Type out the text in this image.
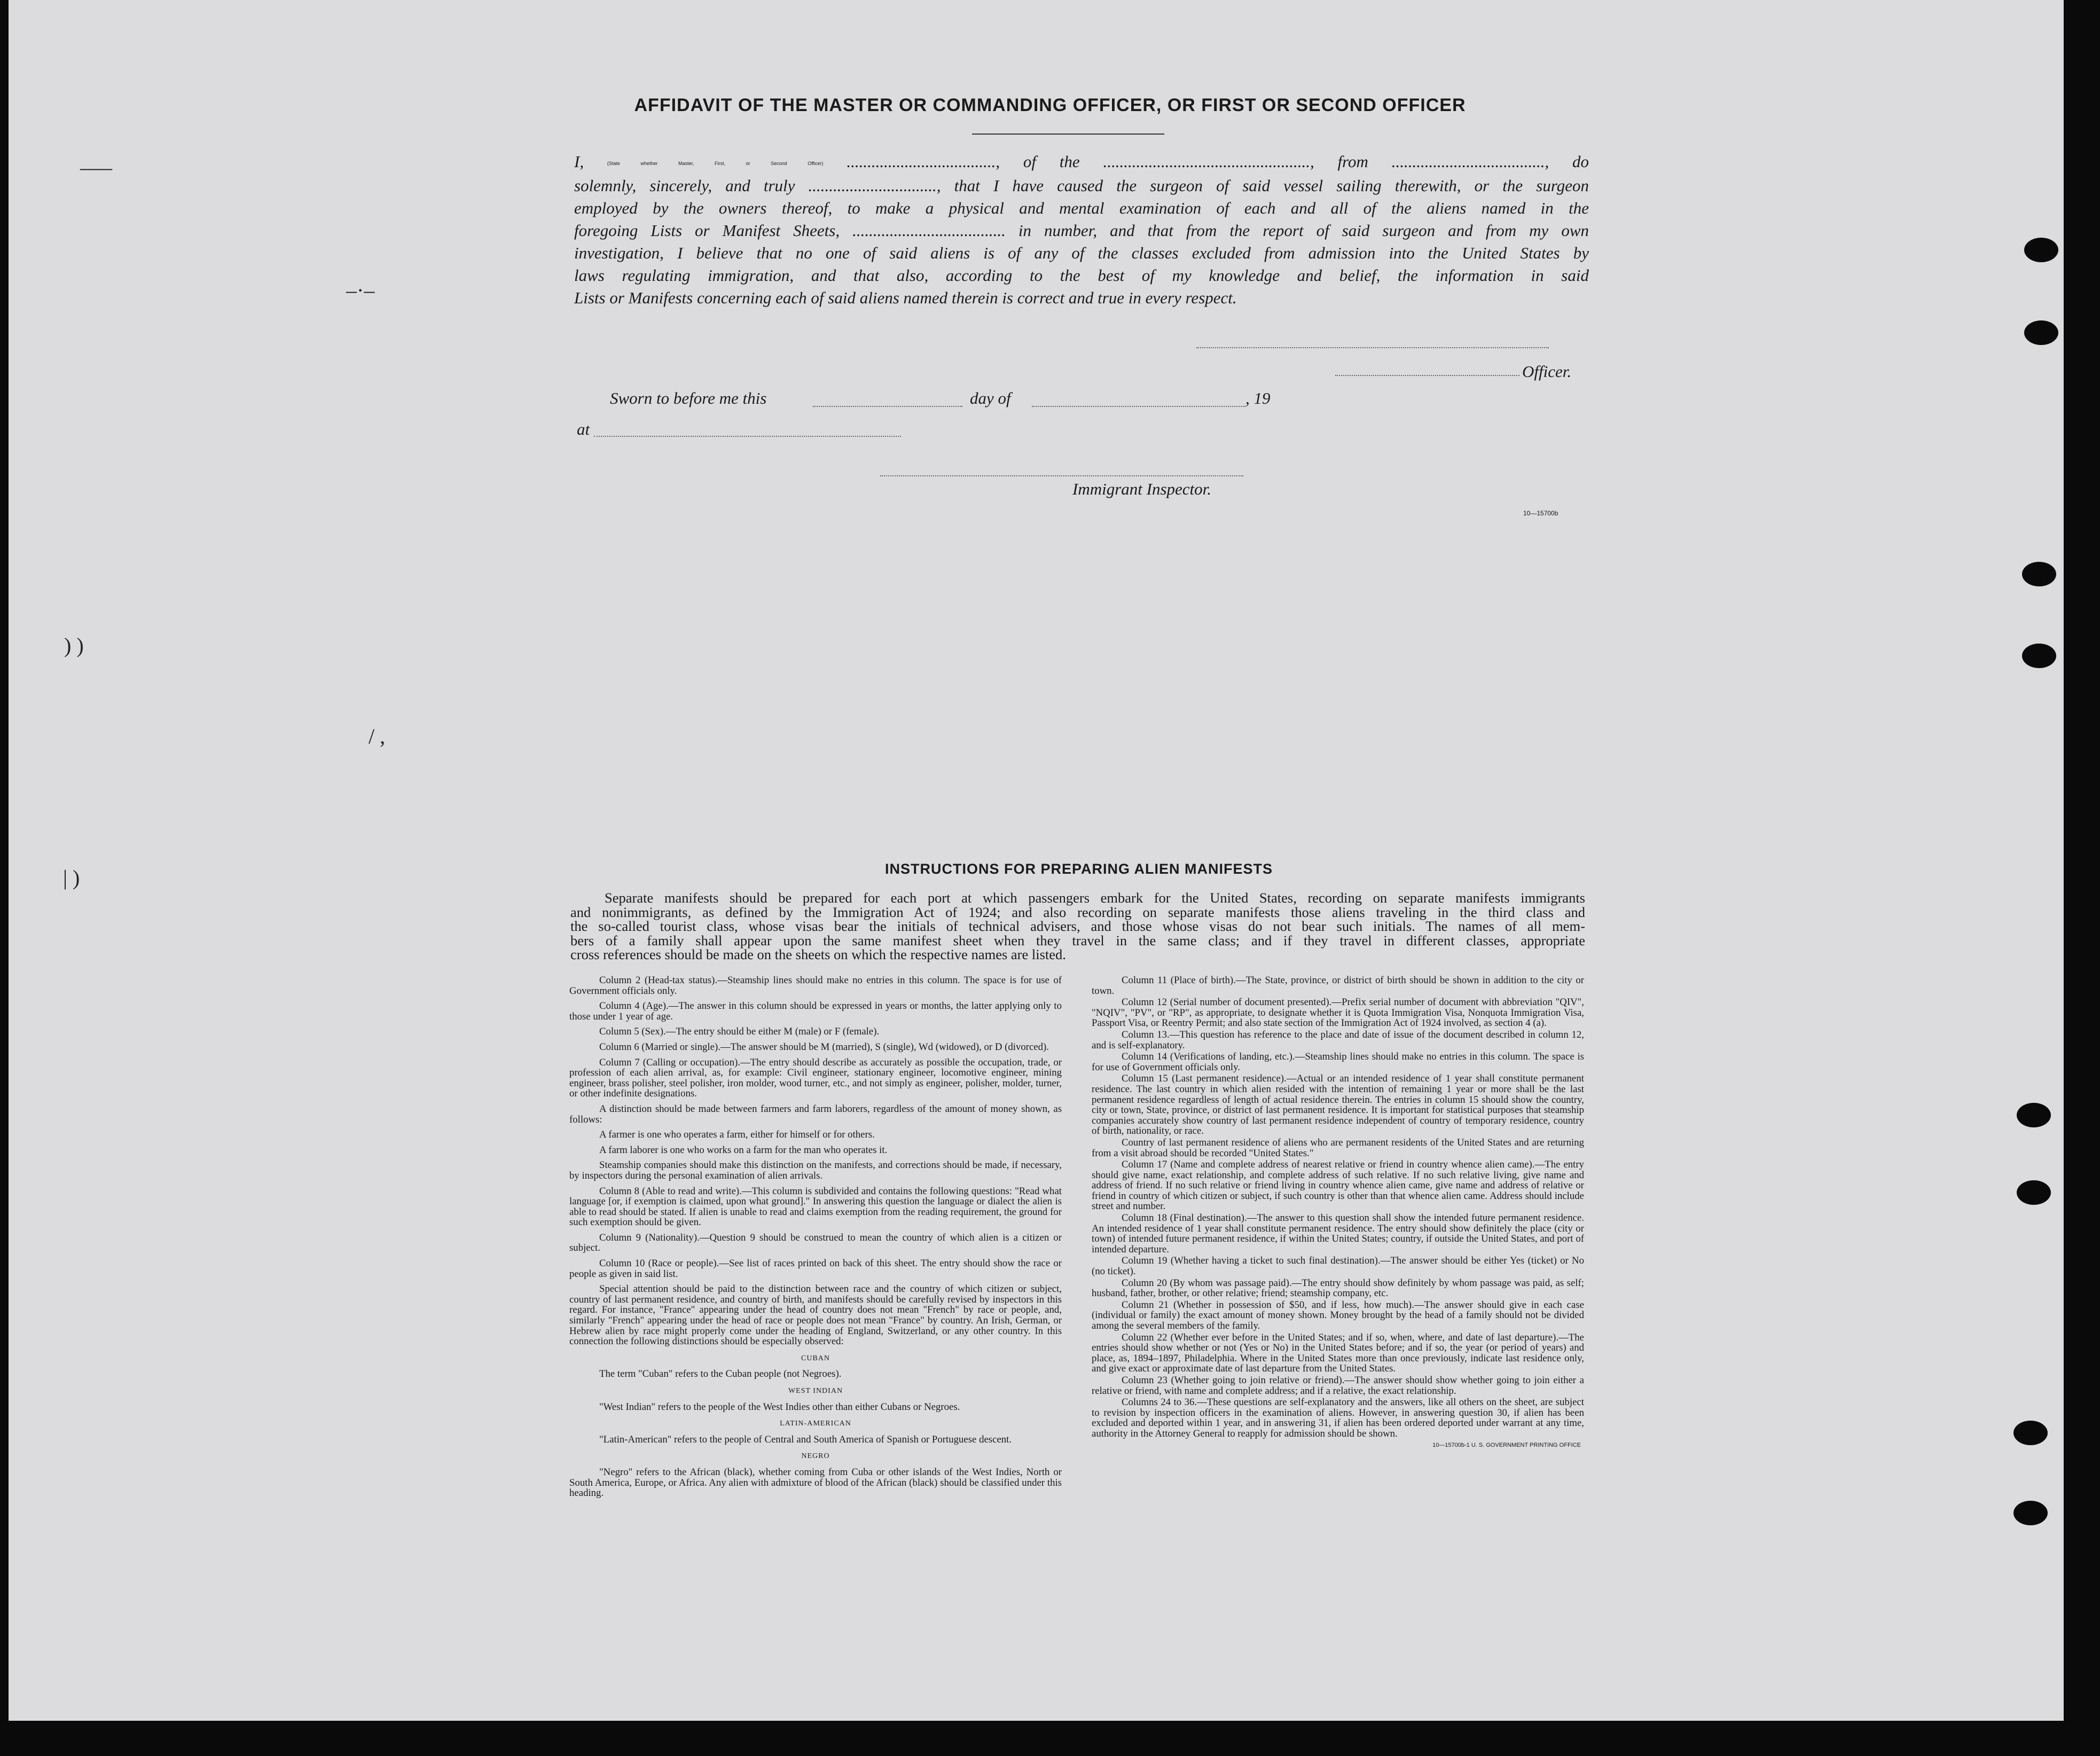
AFFIDAVIT OF THE MASTER OR COMMANDING OFFICER, OR FIRST OR SECOND OFFICER

I,	(State whether Master, First, or Second Officer) ...................................., of the .................................................., from ....................................., do

solemnly, sincerely, and truly ..............................., that I have caused the surgeon of said vessel sailing therewith, or the surgeon

employed by the owners thereof, to make a physical and mental examination of each and all of the aliens named in the

foregoing Lists or Manifest Sheets, ..................................... in number, and that from the report of said surgeon and from my own

investigation, I believe that no one of said aliens is of any of the classes excluded from admission into the United States by

laws regulating immigration, and that also, according to the best of my knowledge and belief, the information in said

Lists or Manifests concerning each of said aliens named therein is correct and true in every respect.

Officer.
Sworn to before me this	day of	, 19
at
Immigrant Inspector.
10—15700b
INSTRUCTIONS FOR PREPARING ALIEN MANIFESTS
Separate manifests should be prepared for each port at which passengers embark for the United States, recording on separate manifests immigrants
and nonimmigrants, as defined by the Immigration Act of 1924; and also recording on separate manifests those aliens traveling in the third class and
the so-called tourist class, whose visas bear the initials of technical advisers, and those whose visas do not bear such initials. The names of all mem-
bers of a family shall appear upon the same manifest sheet when they travel in the same class; and if they travel in different classes, appropriate
cross references should be made on the sheets on which the respective names are listed.

Column 2 (Head-tax status).—Steamship lines should make no entries in this column. The space is for use of Government officials only.

Column 4 (Age).—The answer in this column should be expressed in years or months, the latter applying only to those under 1 year of age.

Column 5 (Sex).—The entry should be either M (male) or F (female).

Column 6 (Married or single).—The answer should be M (married), S (single), Wd (widowed), or D (divorced).

Column 7 (Calling or occupation).—The entry should describe as accurately as possible the occupation, trade, or profession of each alien arrival, as, for example: Civil engineer, stationary engineer, locomotive engineer, mining engineer, brass polisher, steel polisher, iron molder, wood turner, etc., and not simply as engineer, polisher, molder, turner, or other indefinite designations.

A distinction should be made between farmers and farm laborers, regardless of the amount of money shown, as follows:

A farmer is one who operates a farm, either for himself or for others.

A farm laborer is one who works on a farm for the man who operates it.

Steamship companies should make this distinction on the manifests, and corrections should be made, if necessary, by inspectors during the personal examination of alien arrivals.

Column 8 (Able to read and write).—This column is subdivided and contains the following questions: "Read what language [or, if exemption is claimed, upon what ground]." In answering this question the language or dialect the alien is able to read should be stated. If alien is unable to read and claims exemption from the reading requirement, the ground for such exemption should be given.

Column 9 (Nationality).—Question 9 should be construed to mean the country of which alien is a citizen or subject.

Column 10 (Race or people).—See list of races printed on back of this sheet. The entry should show the race or people as given in said list.

Special attention should be paid to the distinction between race and the country of which citizen or subject, country of last permanent residence, and country of birth, and manifests should be carefully revised by inspectors in this regard. For instance, "France" appearing under the head of country does not mean "French" by race or people, and, similarly "French" appearing under the head of race or people does not mean "France" by country. An Irish, German, or Hebrew alien by race might properly come under the heading of England, Switzerland, or any other country. In this connection the following distinctions should be especially observed:

CUBAN

The term "Cuban" refers to the Cuban people (not Negroes).

WEST INDIAN

"West Indian" refers to the people of the West Indies other than either Cubans or Negroes.

LATIN-AMERICAN

"Latin-American" refers to the people of Central and South America of Spanish or Portuguese descent.

NEGRO

"Negro" refers to the African (black), whether coming from Cuba or other islands of the West Indies, North or South America, Europe, or Africa. Any alien with admixture of blood of the African (black) should be classified under this heading.

Column 11 (Place of birth).—The State, province, or district of birth should be shown in addition to the city or town.

Column 12 (Serial number of document presented).—Prefix serial number of document with abbreviation "QIV", "NQIV", "PV", or "RP", as appropriate, to designate whether it is Quota Immigration Visa, Nonquota Immigration Visa, Passport Visa, or Reentry Permit; and also state section of the Immigration Act of 1924 involved, as section 4 (a).

Column 13.—This question has reference to the place and date of issue of the document described in column 12, and is self-explanatory.

Column 14 (Verifications of landing, etc.).—Steamship lines should make no entries in this column. The space is for use of Government officials only.

Column 15 (Last permanent residence).—Actual or an intended residence of 1 year shall constitute permanent residence. The last country in which alien resided with the intention of remaining 1 year or more shall be the last permanent residence regardless of length of actual residence therein. The entries in column 15 should show the country, city or town, State, province, or district of last permanent residence. It is important for statistical purposes that steamship companies accurately show country of last permanent residence independent of country of temporary residence, country of birth, nationality, or race.

Country of last permanent residence of aliens who are permanent residents of the United States and are returning from a visit abroad should be recorded "United States."

Column 17 (Name and complete address of nearest relative or friend in country whence alien came).—The entry should give name, exact relationship, and complete address of such relative. If no such relative living, give name and address of friend. If no such relative or friend living in country whence alien came, give name and address of relative or friend in country of which citizen or subject, if such country is other than that whence alien came. Address should include street and number.

Column 18 (Final destination).—The answer to this question shall show the intended future permanent residence. An intended residence of 1 year shall constitute permanent residence. The entry should show definitely the place (city or town) of intended future permanent residence, if within the United States; country, if outside the United States, and port of intended departure.

Column 19 (Whether having a ticket to such final destination).—The answer should be either Yes (ticket) or No (no ticket).

Column 20 (By whom was passage paid).—The entry should show definitely by whom passage was paid, as self; husband, father, brother, or other relative; friend; steamship company, etc.

Column 21 (Whether in possession of $50, and if less, how much).—The answer should give in each case (individual or family) the exact amount of money shown. Money brought by the head of a family should not be divided among the several members of the family.

Column 22 (Whether ever before in the United States; and if so, when, where, and date of last departure).—The entries should show whether or not (Yes or No) in the United States before; and if so, the year (or period of years) and place, as, 1894–1897, Philadelphia. Where in the United States more than once previously, indicate last residence only, and give exact or approximate date of last departure from the United States.

Column 23 (Whether going to join relative or friend).—The answer should show whether going to join either a relative or friend, with name and complete address; and if a relative, the exact relationship.

Columns 24 to 36.—These questions are self-explanatory and the answers, like all others on the sheet, are subject to revision by inspection officers in the examination of aliens. However, in answering question 30, if alien has been excluded and deported within 1 year, and in answering 31, if alien has been ordered deported under warrant at any time, authority in the Attorney General to reapply for admission should be shown.

10—15700b-1 U. S. GOVERNMENT PRINTING OFFICE

–—
–·–
) )
/ ,
| )
